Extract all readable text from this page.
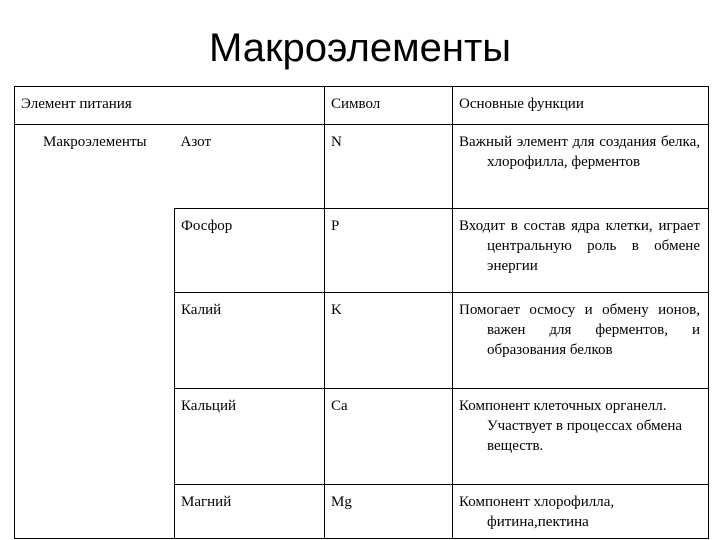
Макроэлементы
Элемент питания		Символ	Основные функции
Макроэлементы	Азот	N	Важный элемент для создания белка, хлорофилла, ферментов

	Фосфор	P	Входит в состав ядра клетки, играет центральную роль в обмене энергии

	Калий	K	Помогает осмосу и обмену ионов, важен для ферментов, и образования белков

	Кальций	Ca	Компонент клеточных органелл. Участвует в процессах обмена веществ.

	Магний	Mg	Компонент хлорофилла, фитина,пектина
